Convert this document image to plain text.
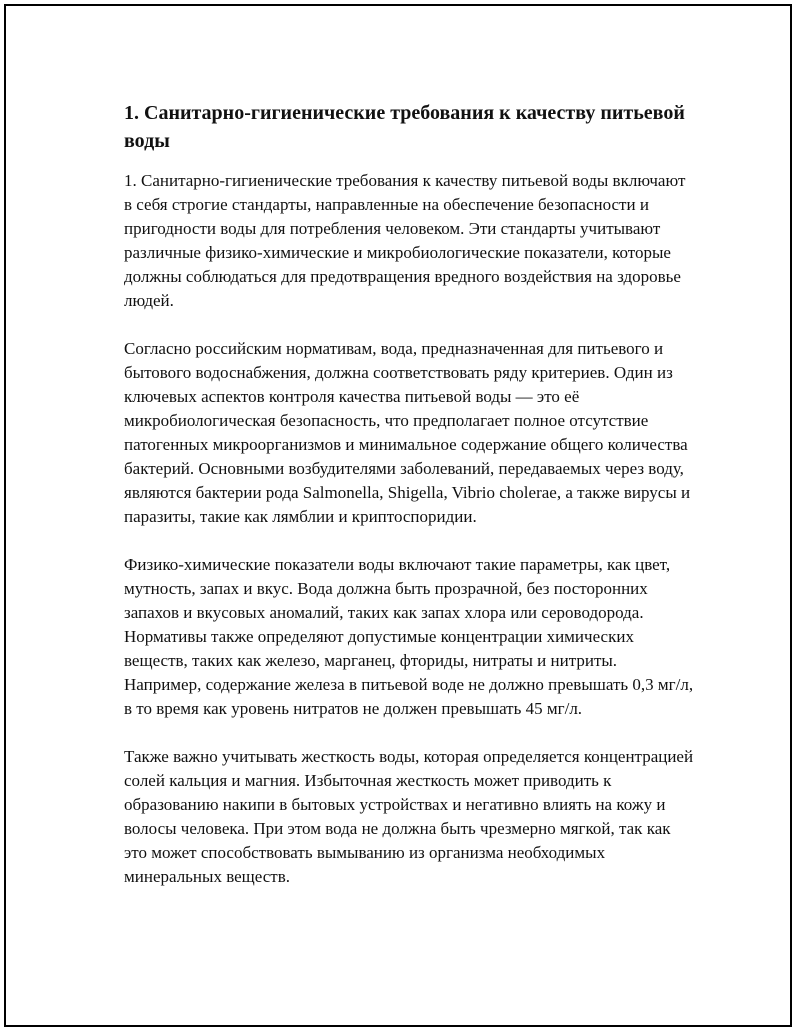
1. Санитарно-гигиенические требования к качеству питьевой воды

1. Санитарно-гигиенические требования к качеству питьевой воды включают в себя строгие стандарты, направленные на обеспечение безопасности и пригодности воды для потребления человеком. Эти стандарты учитывают различные физико-химические и микробиологические показатели, которые должны соблюдаться для предотвращения вредного воздействия на здоровье людей.

Согласно российским нормативам, вода, предназначенная для питьевого и бытового водоснабжения, должна соответствовать ряду критериев. Один из ключевых аспектов контроля качества питьевой воды — это её микробиологическая безопасность, что предполагает полное отсутствие патогенных микроорганизмов и минимальное содержание общего количества бактерий. Основными возбудителями заболеваний, передаваемых через воду, являются бактерии рода Salmonella, Shigella, Vibrio cholerae, а также вирусы и паразиты, такие как лямблии и криптоспоридии.

Физико-химические показатели воды включают такие параметры, как цвет, мутность, запах и вкус. Вода должна быть прозрачной, без посторонних запахов и вкусовых аномалий, таких как запах хлора или сероводорода. Нормативы также определяют допустимые концентрации химических веществ, таких как железо, марганец, фториды, нитраты и нитриты. Например, содержание железа в питьевой воде не должно превышать 0,3 мг/л, в то время как уровень нитратов не должен превышать 45 мг/л.

Также важно учитывать жесткость воды, которая определяется концентрацией солей кальция и магния. Избыточная жесткость может приводить к образованию накипи в бытовых устройствах и негативно влиять на кожу и волосы человека. При этом вода не должна быть чрезмерно мягкой, так как это может способствовать вымыванию из организма необходимых минеральных веществ.
